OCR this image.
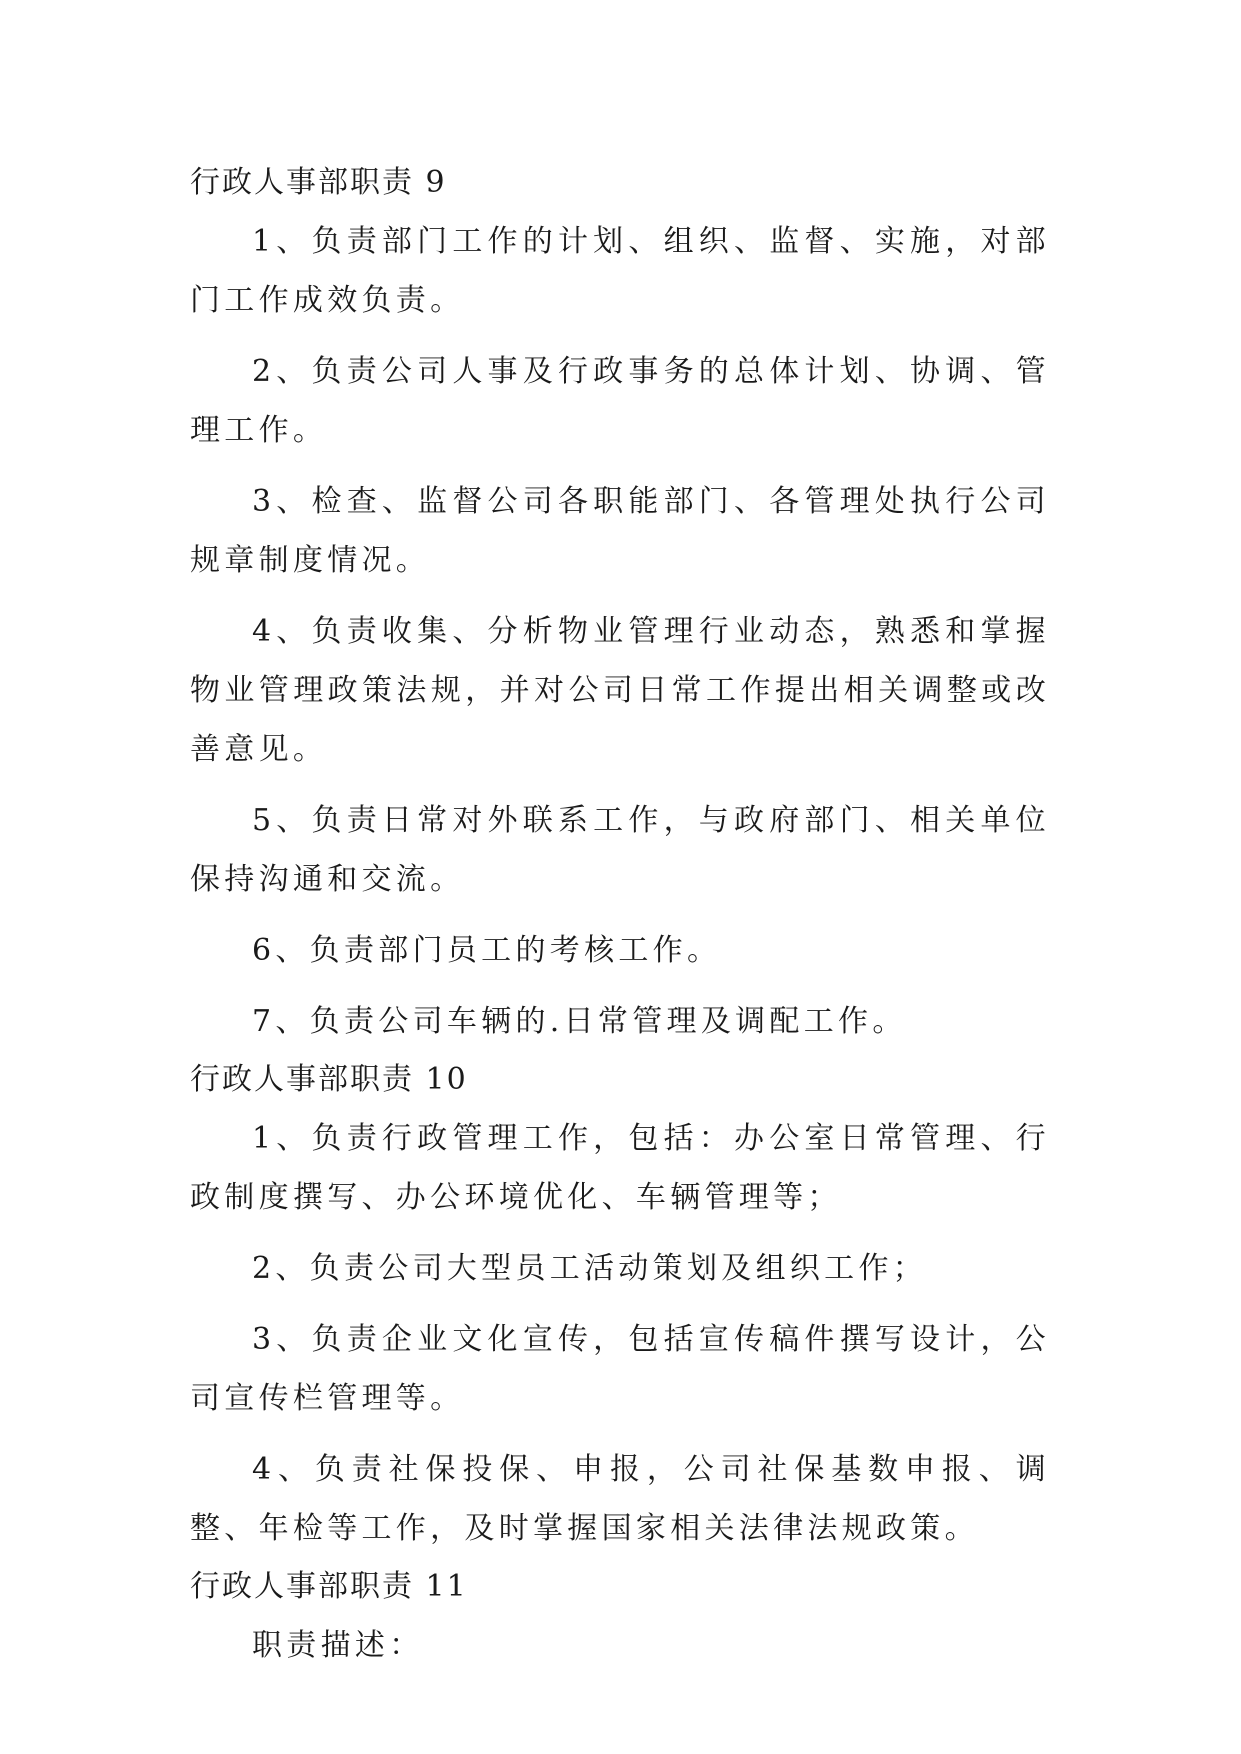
行政人事部职责 9

1、负责部门工作的计划、组织、监督、实施，对部门工作成效负责。

2、负责公司人事及行政事务的总体计划、协调、管理工作。

3、检查、监督公司各职能部门、各管理处执行公司规章制度情况。

4、负责收集、分析物业管理行业动态，熟悉和掌握物业管理政策法规，并对公司日常工作提出相关调整或改善意见。

5、负责日常对外联系工作，与政府部门、相关单位保持沟通和交流。

6、负责部门员工的考核工作。

7、负责公司车辆的.日常管理及调配工作。

行政人事部职责 10

1、负责行政管理工作，包括：办公室日常管理、行政制度撰写、办公环境优化、车辆管理等；

2、负责公司大型员工活动策划及组织工作；

3、负责企业文化宣传，包括宣传稿件撰写设计，公司宣传栏管理等。

4、负责社保投保、申报，公司社保基数申报、调整、年检等工作，及时掌握国家相关法律法规政策。

行政人事部职责 11

职责描述：
